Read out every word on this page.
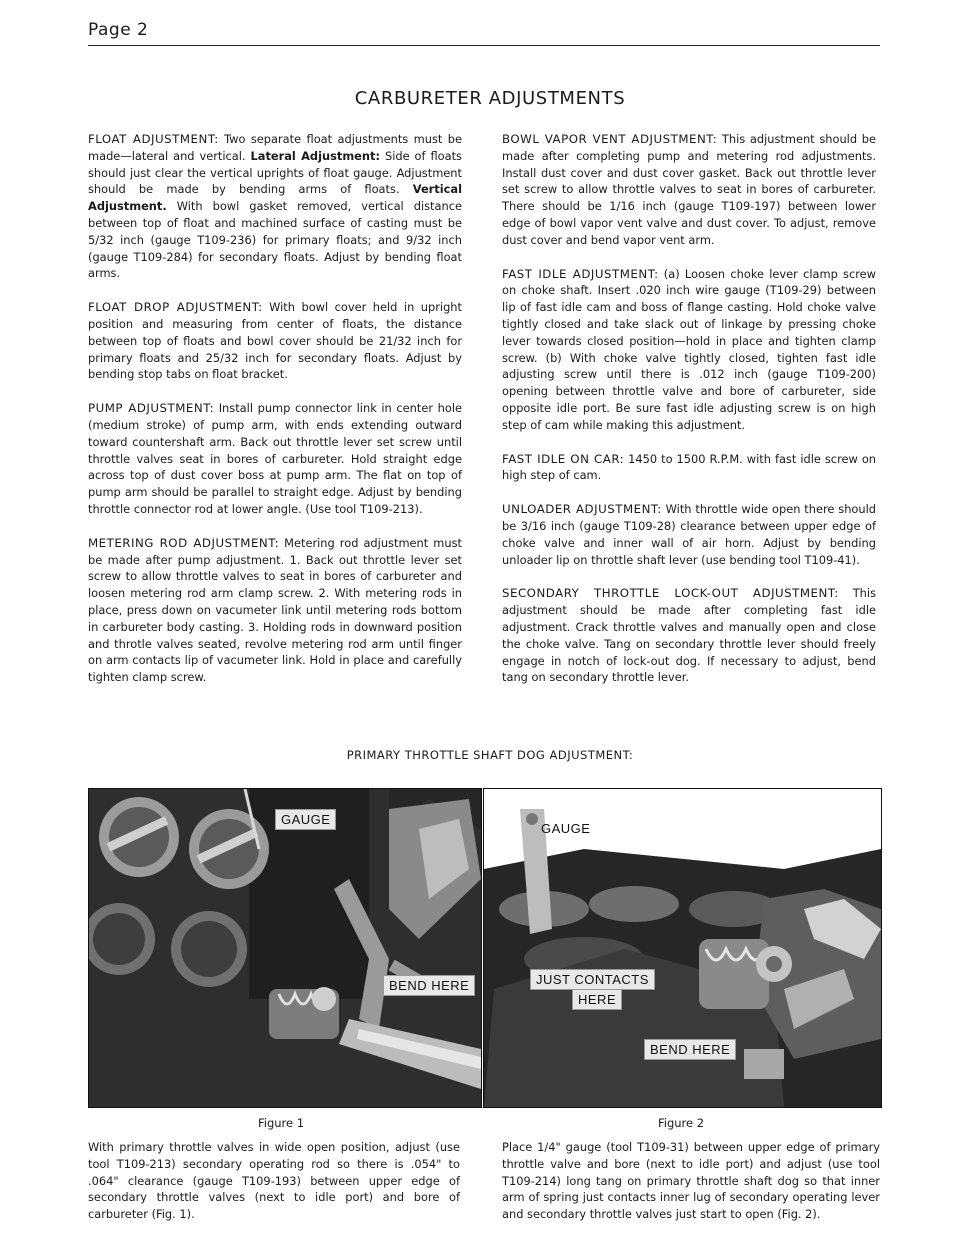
Page 2
CARBURETER ADJUSTMENTS

FLOAT ADJUSTMENT: Two separate float adjustments must be made—lateral and vertical. Lateral Adjustment: Side of floats should just clear the vertical uprights of float gauge. Adjustment should be made by bending arms of floats. Vertical Adjustment. With bowl gasket removed, vertical distance between top of float and machined surface of casting must be 5/32 inch (gauge T109-236) for primary floats; and 9/32 inch (gauge T109-284) for secondary floats. Adjust by bending float arms.

FLOAT DROP ADJUSTMENT: With bowl cover held in upright position and measuring from center of floats, the distance between top of floats and bowl cover should be 21/32 inch for primary floats and 25/32 inch for secondary floats. Adjust by bending stop tabs on float bracket.

PUMP ADJUSTMENT: Install pump connector link in center hole (medium stroke) of pump arm, with ends extending outward toward countershaft arm. Back out throttle lever set screw until throttle valves seat in bores of carbureter. Hold straight edge across top of dust cover boss at pump arm. The flat on top of pump arm should be parallel to straight edge. Adjust by bending throttle connector rod at lower angle. (Use tool T109-213).

METERING ROD ADJUSTMENT: Metering rod adjustment must be made after pump adjustment. 1. Back out throttle lever set screw to allow throttle valves to seat in bores of carbureter and loosen metering rod arm clamp screw. 2. With metering rods in place, press down on vacumeter link until metering rods bottom in carbureter body casting. 3. Holding rods in downward position and throtle valves seated, revolve metering rod arm until finger on arm contacts lip of vacumeter link. Hold in place and carefully tighten clamp screw.

BOWL VAPOR VENT ADJUSTMENT: This adjustment should be made after completing pump and metering rod adjustments. Install dust cover and dust cover gasket. Back out throttle lever set screw to allow throttle valves to seat in bores of carbureter. There should be 1/16 inch (gauge T109-197) between lower edge of bowl vapor vent valve and dust cover. To adjust, remove dust cover and bend vapor vent arm.

FAST IDLE ADJUSTMENT: (a) Loosen choke lever clamp screw on choke shaft. Insert .020 inch wire gauge (T109-29) between lip of fast idle cam and boss of flange casting. Hold choke valve tightly closed and take slack out of linkage by pressing choke lever towards closed position—hold in place and tighten clamp screw. (b) With choke valve tightly closed, tighten fast idle adjusting screw until there is .012 inch (gauge T109-200) opening between throttle valve and bore of carbureter, side opposite idle port. Be sure fast idle adjusting screw is on high step of cam while making this adjustment.

FAST IDLE ON CAR: 1450 to 1500 R.P.M. with fast idle screw on high step of cam.

UNLOADER ADJUSTMENT: With throttle wide open there should be 3/16 inch (gauge T109-28) clearance between upper edge of choke valve and inner wall of air horn. Adjust by bending unloader lip on throttle shaft lever (use bending tool T109-41).

SECONDARY THROTTLE LOCK-OUT ADJUSTMENT: This adjustment should be made after completing fast idle adjustment. Crack throttle valves and manually open and close the choke valve. Tang on secondary throttle lever should freely engage in notch of lock-out dog. If necessary to adjust, bend tang on secondary throttle lever.

PRIMARY THROTTLE SHAFT DOG ADJUSTMENT:
GAUGE
BEND HERE
GAUGE
JUST CONTACTS
HERE
BEND HERE
Figure 1	Figure 2
With primary throttle valves in wide open position, adjust (use tool T109-213) secondary operating rod so there is .054" to .064" clearance (gauge T109-193) between upper edge of secondary throttle valves (next to idle port) and bore of carbureter (Fig. 1).
Place 1/4" gauge (tool T109-31) between upper edge of primary throttle valve and bore (next to idle port) and adjust (use tool T109-214) long tang on primary throttle shaft dog so that inner arm of spring just contacts inner lug of secondary operating lever and secondary throttle valves just start to open (Fig. 2).
